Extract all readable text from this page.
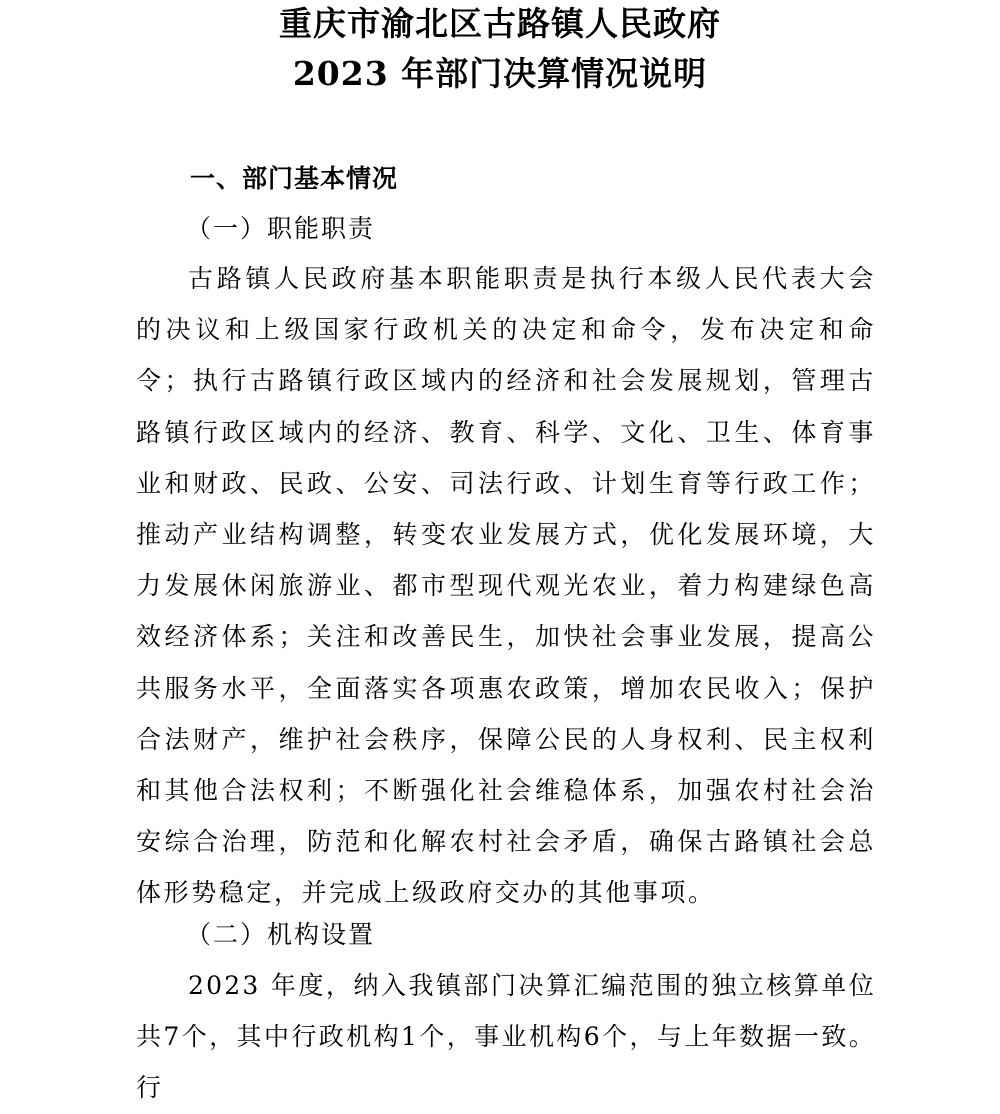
重庆市渝北区古路镇人民政府
2023 年部门决算情况说明
一、部门基本情况
（一）职能职责

古路镇人民政府基本职能职责是执行本级人民代表大会的决议和上级国家行政机关的决定和命令，发布决定和命令；执行古路镇行政区域内的经济和社会发展规划，管理古路镇行政区域内的经济、教育、科学、文化、卫生、体育事业和财政、民政、公安、司法行政、计划生育等行政工作；推动产业结构调整，转变农业发展方式，优化发展环境，大力发展休闲旅游业、都市型现代观光农业，着力构建绿色高效经济体系；关注和改善民生，加快社会事业发展，提高公共服务水平，全面落实各项惠农政策，增加农民收入；保护合法财产，维护社会秩序，保障公民的人身权利、民主权利和其他合法权利；不断强化社会维稳体系，加强农村社会治安综合治理，防范和化解农村社会矛盾，确保古路镇社会总体形势稳定，并完成上级政府交办的其他事项。

（二）机构设置

2023 年度，纳入我镇部门决算汇编范围的独立核算单位共7个，其中行政机构1个，事业机构6个，与上年数据一致。行
